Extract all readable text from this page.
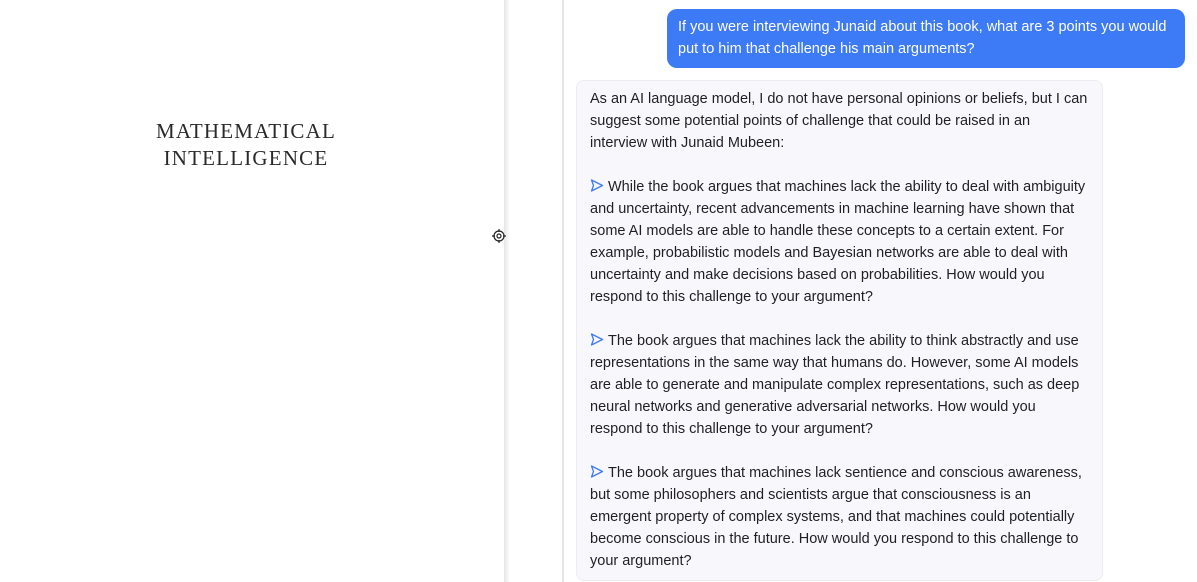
MATHEMATICAL
INTELLIGENCE
If you were interviewing Junaid about this book, what are 3 points you would put to him that challenge his main arguments?

As an AI language model, I do not have personal opinions or beliefs, but I can suggest some potential points of challenge that could be raised in an interview with Junaid Mubeen:

While the book argues that machines lack the ability to deal with ambiguity and uncertainty, recent advancements in machine learning have shown that some AI models are able to handle these concepts to a certain extent. For example, probabilistic models and Bayesian networks are able to deal with uncertainty and make decisions based on probabilities. How would you respond to this challenge to your argument?

The book argues that machines lack the ability to think abstractly and use representations in the same way that humans do. However, some AI models are able to generate and manipulate complex representations, such as deep neural networks and generative adversarial networks. How would you respond to this challenge to your argument?

The book argues that machines lack sentience and conscious awareness, but some philosophers and scientists argue that consciousness is an emergent property of complex systems, and that machines could potentially become conscious in the future. How would you respond to this challenge to your argument?
